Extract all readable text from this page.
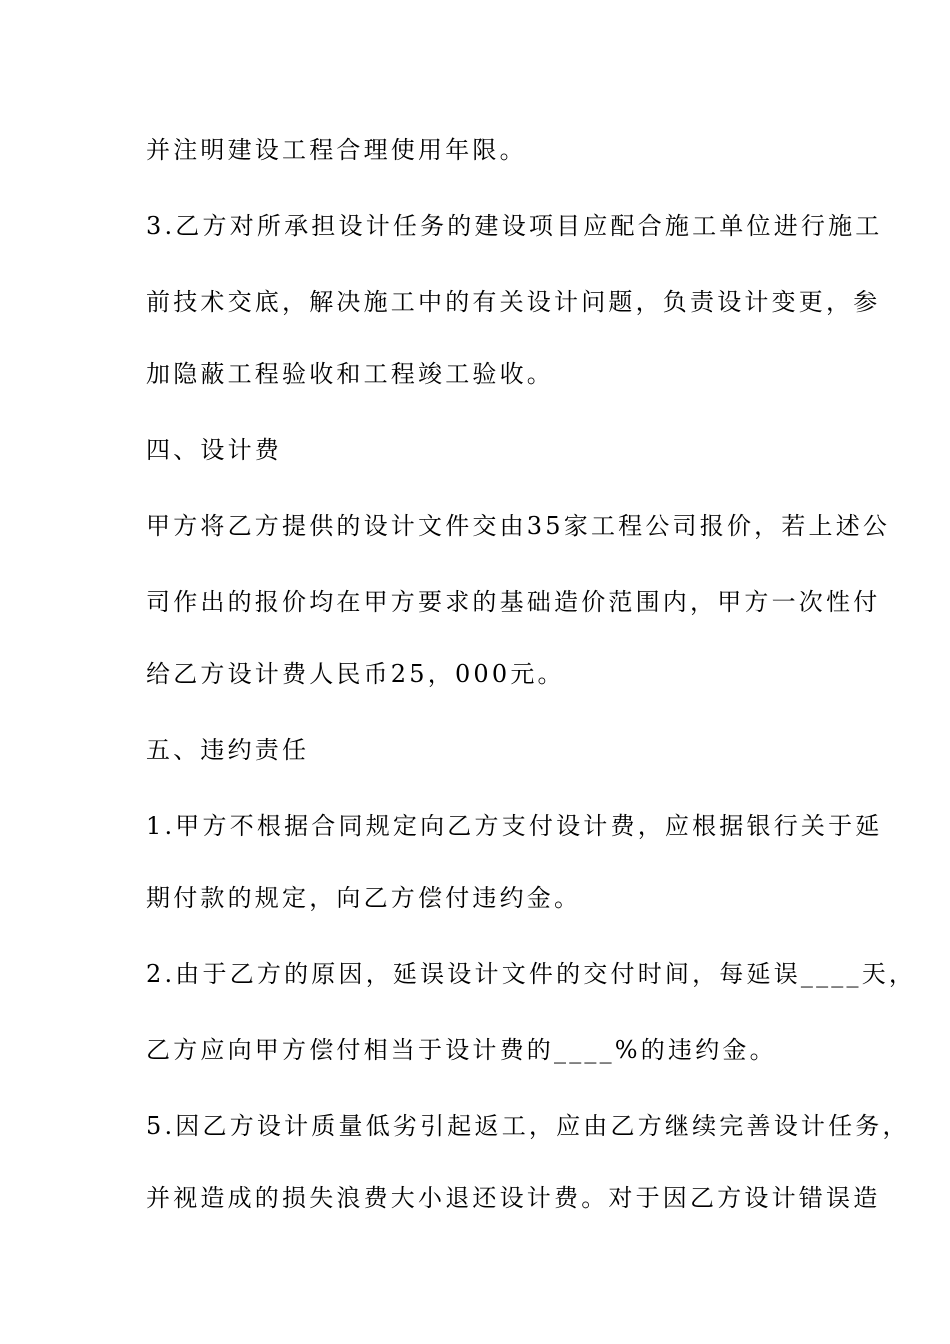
并注明建设工程合理使用年限。
3.乙方对所承担设计任务的建设项目应配合施工单位进行施工
前技术交底，解决施工中的有关设计问题，负责设计变更，参
加隐蔽工程验收和工程竣工验收。
四、设计费
甲方将乙方提供的设计文件交由35家工程公司报价，若上述公
司作出的报价均在甲方要求的基础造价范围内，甲方一次性付
给乙方设计费人民币25，000元。
五、违约责任
1.甲方不根据合同规定向乙方支付设计费，应根据银行关于延
期付款的规定，向乙方偿付违约金。
2.由于乙方的原因，延误设计文件的交付时间，每延误____天，
乙方应向甲方偿付相当于设计费的____%的违约金。
5.因乙方设计质量低劣引起返工，应由乙方继续完善设计任务，
并视造成的损失浪费大小退还设计费。对于因乙方设计错误造
